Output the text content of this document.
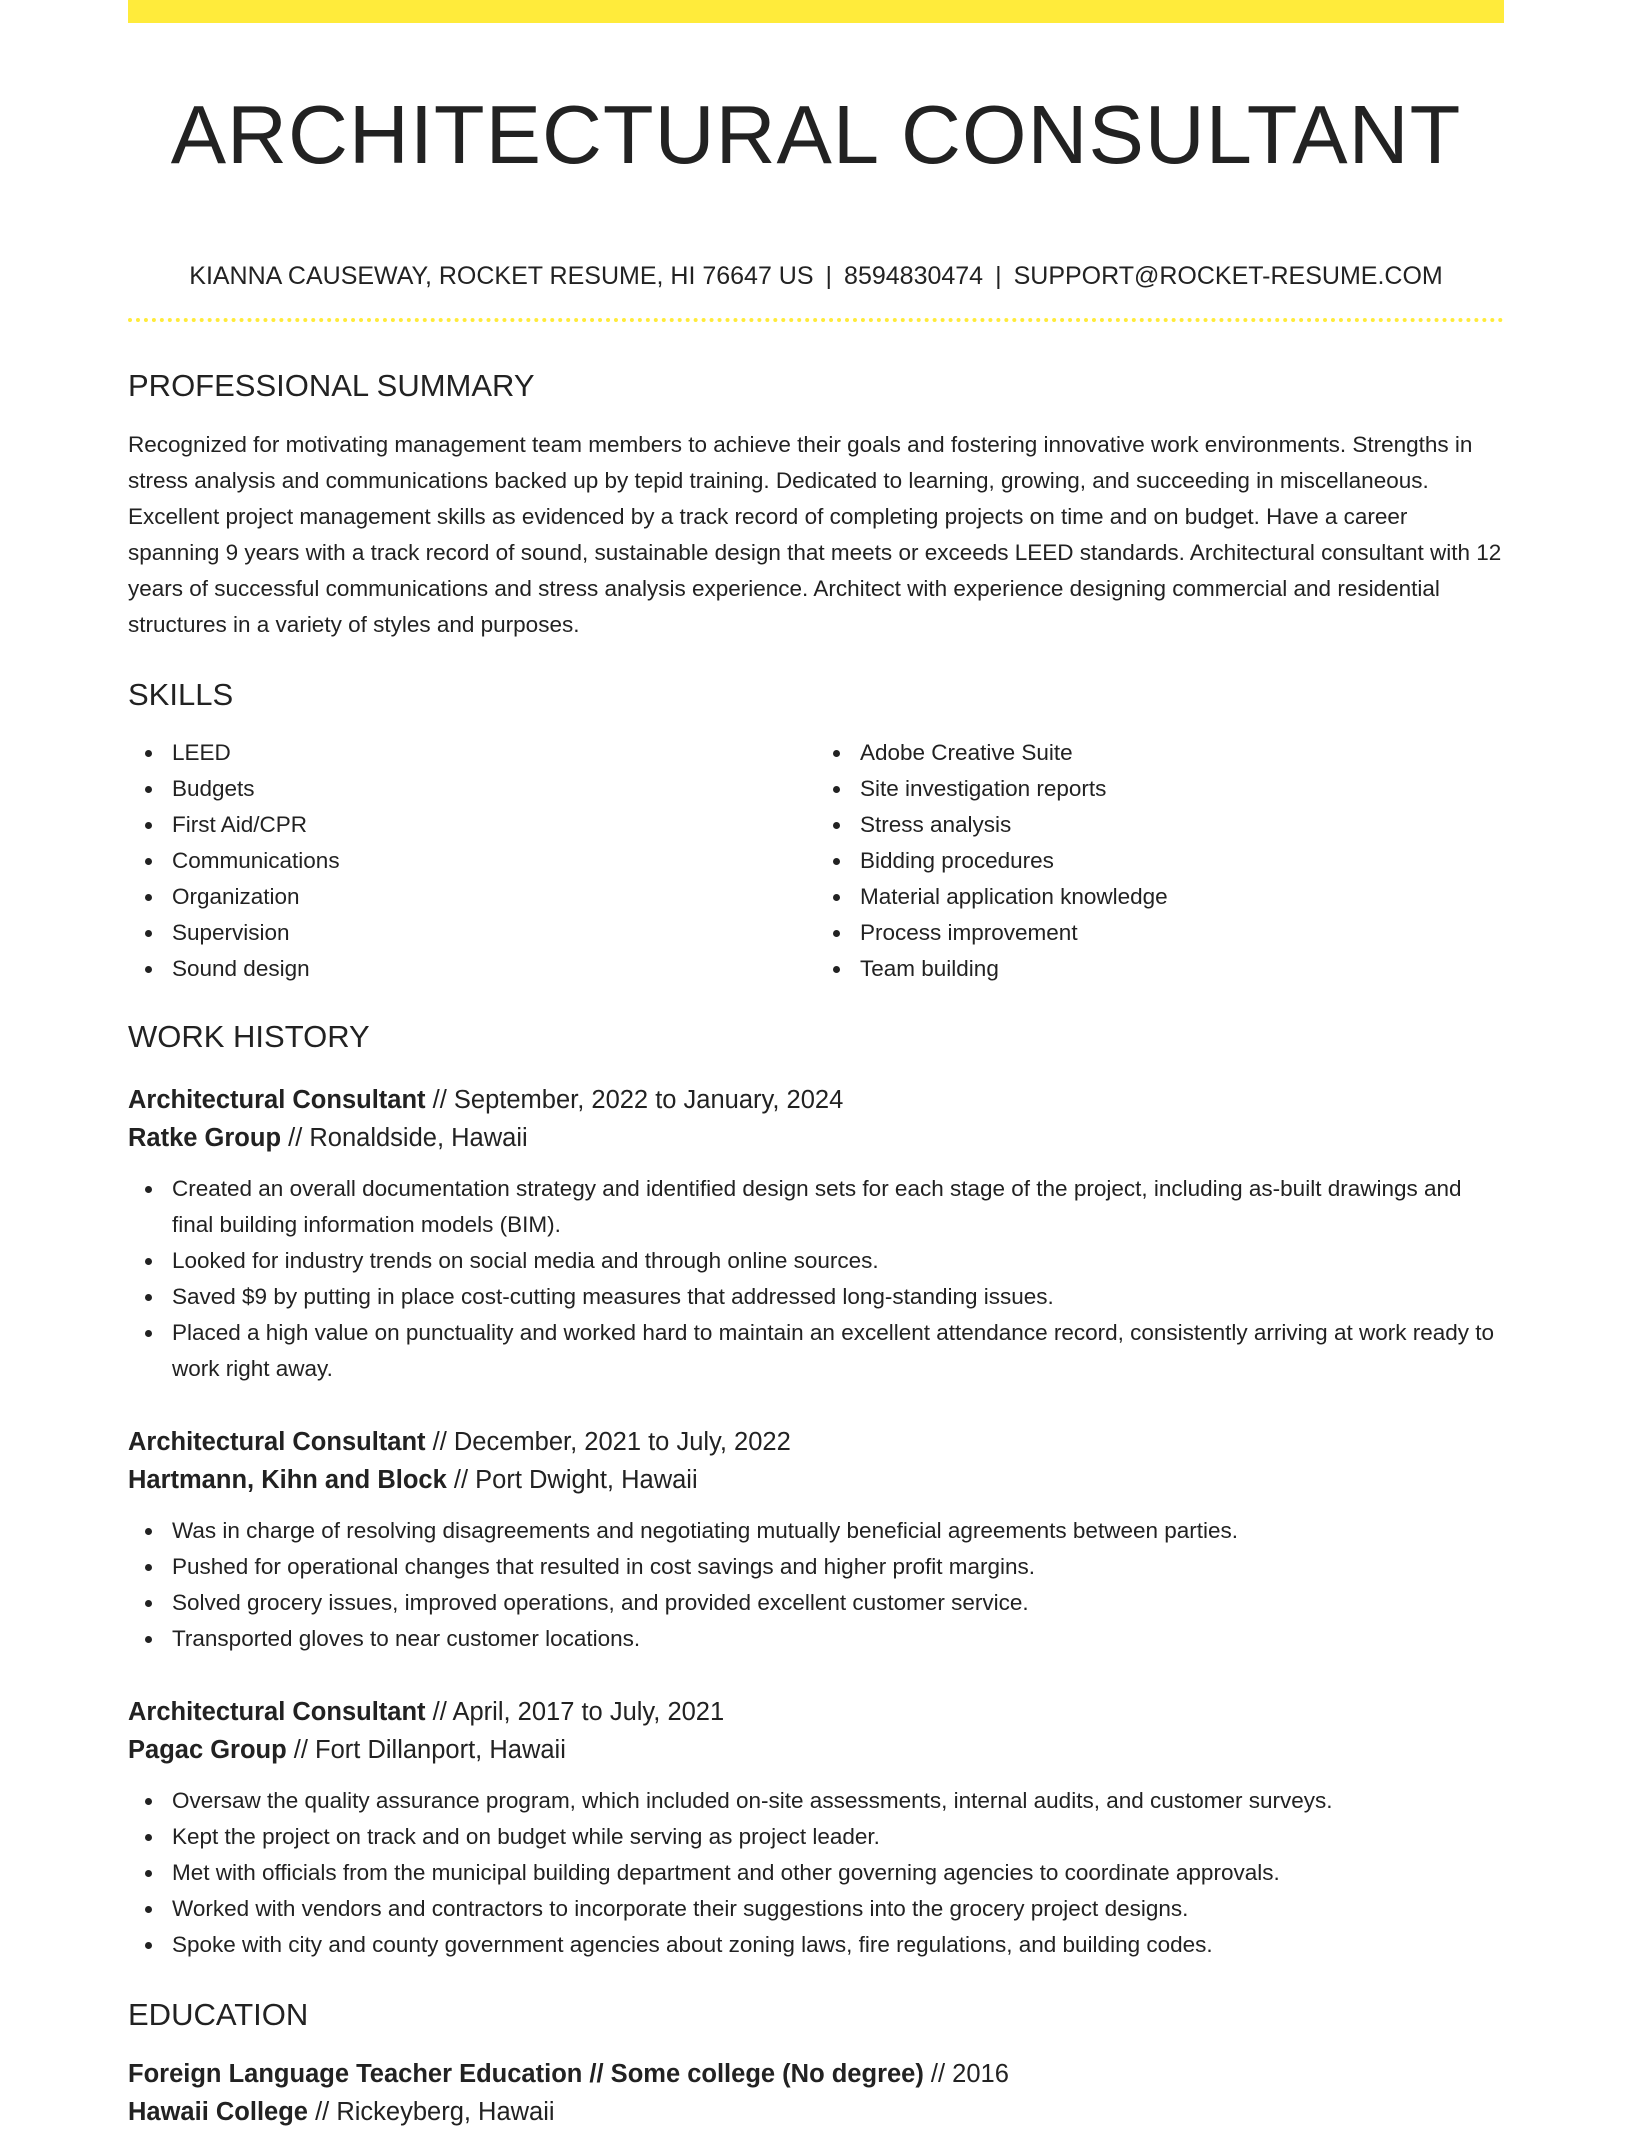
ARCHITECTURAL CONSULTANT
KIANNA CAUSEWAY, ROCKET RESUME, HI 76647 US | 8594830474 | SUPPORT@ROCKET-RESUME.COM
PROFESSIONAL SUMMARY
Recognized for motivating management team members to achieve their goals and fostering innovative work environments. Strengths in stress analysis and communications backed up by tepid training. Dedicated to learning, growing, and succeeding in miscellaneous. Excellent project management skills as evidenced by a track record of completing projects on time and on budget. Have a career spanning 9 years with a track record of sound, sustainable design that meets or exceeds LEED standards. Architectural consultant with 12 years of successful communications and stress analysis experience. Architect with experience designing commercial and residential structures in a variety of styles and purposes.
SKILLS
LEED
Budgets
First Aid/CPR
Communications
Organization
Supervision
Sound design
Adobe Creative Suite
Site investigation reports
Stress analysis
Bidding procedures
Material application knowledge
Process improvement
Team building
WORK HISTORY
Architectural Consultant // September, 2022 to January, 2024
Ratke Group // Ronaldside, Hawaii
Created an overall documentation strategy and identified design sets for each stage of the project, including as-built drawings and final building information models (BIM).
Looked for industry trends on social media and through online sources.
Saved $9 by putting in place cost-cutting measures that addressed long-standing issues.
Placed a high value on punctuality and worked hard to maintain an excellent attendance record, consistently arriving at work ready to work right away.
Architectural Consultant // December, 2021 to July, 2022
Hartmann, Kihn and Block // Port Dwight, Hawaii
Was in charge of resolving disagreements and negotiating mutually beneficial agreements between parties.
Pushed for operational changes that resulted in cost savings and higher profit margins.
Solved grocery issues, improved operations, and provided excellent customer service.
Transported gloves to near customer locations.
Architectural Consultant // April, 2017 to July, 2021
Pagac Group // Fort Dillanport, Hawaii
Oversaw the quality assurance program, which included on-site assessments, internal audits, and customer surveys.
Kept the project on track and on budget while serving as project leader.
Met with officials from the municipal building department and other governing agencies to coordinate approvals.
Worked with vendors and contractors to incorporate their suggestions into the grocery project designs.
Spoke with city and county government agencies about zoning laws, fire regulations, and building codes.
EDUCATION
Foreign Language Teacher Education // Some college (No degree) // 2016
Hawaii College // Rickeyberg, Hawaii
